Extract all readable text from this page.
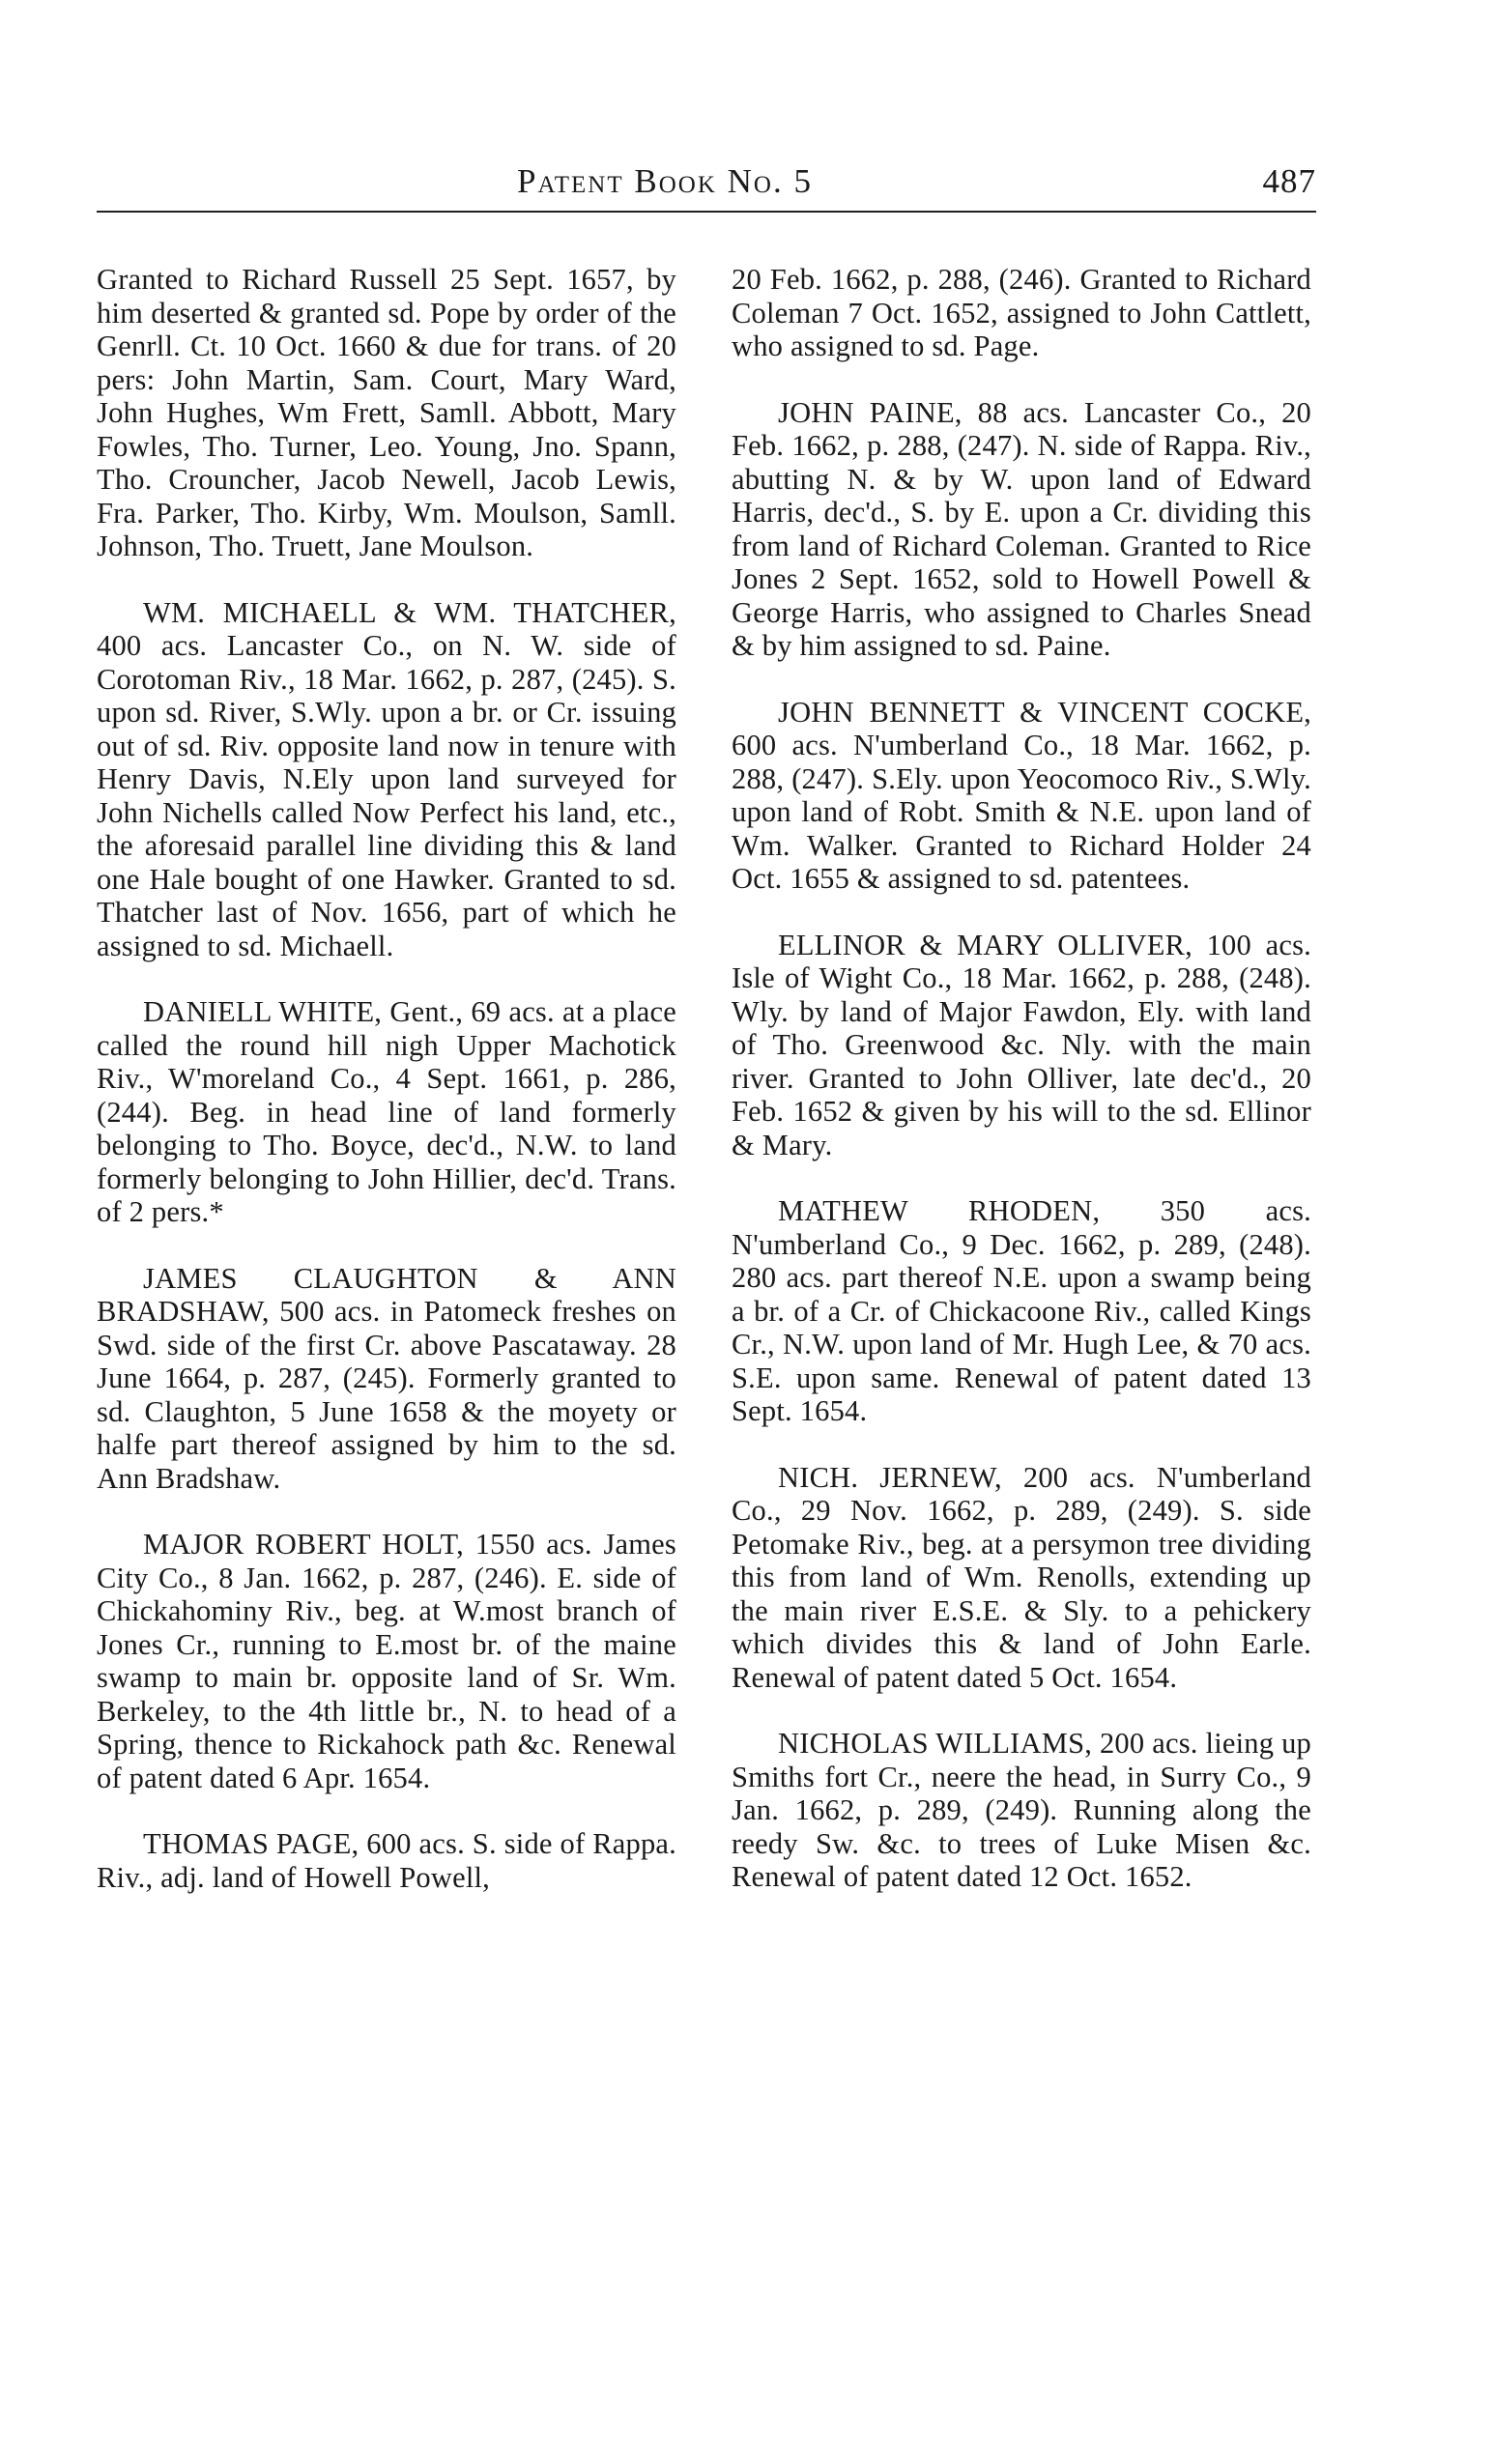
Patent Book No. 5	487

Granted to Richard Russell 25 Sept. 1657, by him deserted & granted sd. Pope by order of the Genrll. Ct. 10 Oct. 1660 & due for trans. of 20 pers: John Martin, Sam. Court, Mary Ward, John Hughes, Wm Frett, Samll. Abbott, Mary Fowles, Tho. Turner, Leo. Young, Jno. Spann, Tho. Crouncher, Jacob Newell, Jacob Lewis, Fra. Parker, Tho. Kirby, Wm. Moulson, Samll. Johnson, Tho. Truett, Jane Moulson.

WM. MICHAELL & WM. THATCHER, 400 acs. Lancaster Co., on N. W. side of Corotoman Riv., 18 Mar. 1662, p. 287, (245). S. upon sd. River, S.Wly. upon a br. or Cr. issuing out of sd. Riv. opposite land now in tenure with Henry Davis, N.Ely upon land surveyed for John Nichells called Now Perfect his land, etc., the aforesaid parallel line dividing this & land one Hale bought of one Hawker. Granted to sd. Thatcher last of Nov. 1656, part of which he assigned to sd. Michaell.

DANIELL WHITE, Gent., 69 acs. at a place called the round hill nigh Upper Machotick Riv., W'moreland Co., 4 Sept. 1661, p. 286, (244). Beg. in head line of land formerly belonging to Tho. Boyce, dec'd., N.W. to land formerly belonging to John Hillier, dec'd. Trans. of 2 pers.*

JAMES CLAUGHTON & ANN BRADSHAW, 500 acs. in Patomeck freshes on Swd. side of the first Cr. above Pascataway. 28 June 1664, p. 287, (245). Formerly granted to sd. Claughton, 5 June 1658 & the moyety or halfe part thereof assigned by him to the sd. Ann Bradshaw.

MAJOR ROBERT HOLT, 1550 acs. James City Co., 8 Jan. 1662, p. 287, (246). E. side of Chickahominy Riv., beg. at W.most branch of Jones Cr., running to E.most br. of the maine swamp to main br. opposite land of Sr. Wm. Berkeley, to the 4th little br., N. to head of a Spring, thence to Rickahock path &c. Renewal of patent dated 6 Apr. 1654.

THOMAS PAGE, 600 acs. S. side of Rappa. Riv., adj. land of Howell Powell,

20 Feb. 1662, p. 288, (246). Granted to Richard Coleman 7 Oct. 1652, assigned to John Cattlett, who assigned to sd. Page.

JOHN PAINE, 88 acs. Lancaster Co., 20 Feb. 1662, p. 288, (247). N. side of Rappa. Riv., abutting N. & by W. upon land of Edward Harris, dec'd., S. by E. upon a Cr. dividing this from land of Richard Coleman. Granted to Rice Jones 2 Sept. 1652, sold to Howell Powell & George Harris, who assigned to Charles Snead & by him assigned to sd. Paine.

JOHN BENNETT & VINCENT COCKE, 600 acs. N'umberland Co., 18 Mar. 1662, p. 288, (247). S.Ely. upon Yeocomoco Riv., S.Wly. upon land of Robt. Smith & N.E. upon land of Wm. Walker. Granted to Richard Holder 24 Oct. 1655 & assigned to sd. patentees.

ELLINOR & MARY OLLIVER, 100 acs. Isle of Wight Co., 18 Mar. 1662, p. 288, (248). Wly. by land of Major Fawdon, Ely. with land of Tho. Greenwood &c. Nly. with the main river. Granted to John Olliver, late dec'd., 20 Feb. 1652 & given by his will to the sd. Ellinor & Mary.

MATHEW RHODEN, 350 acs. N'umberland Co., 9 Dec. 1662, p. 289, (248). 280 acs. part thereof N.E. upon a swamp being a br. of a Cr. of Chickacoone Riv., called Kings Cr., N.W. upon land of Mr. Hugh Lee, & 70 acs. S.E. upon same. Renewal of patent dated 13 Sept. 1654.

NICH. JERNEW, 200 acs. N'umberland Co., 29 Nov. 1662, p. 289, (249). S. side Petomake Riv., beg. at a persymon tree dividing this from land of Wm. Renolls, extending up the main river E.S.E. & Sly. to a pehickery which divides this & land of John Earle. Renewal of patent dated 5 Oct. 1654.

NICHOLAS WILLIAMS, 200 acs. lieing up Smiths fort Cr., neere the head, in Surry Co., 9 Jan. 1662, p. 289, (249). Running along the reedy Sw. &c. to trees of Luke Misen &c. Renewal of patent dated 12 Oct. 1652.
